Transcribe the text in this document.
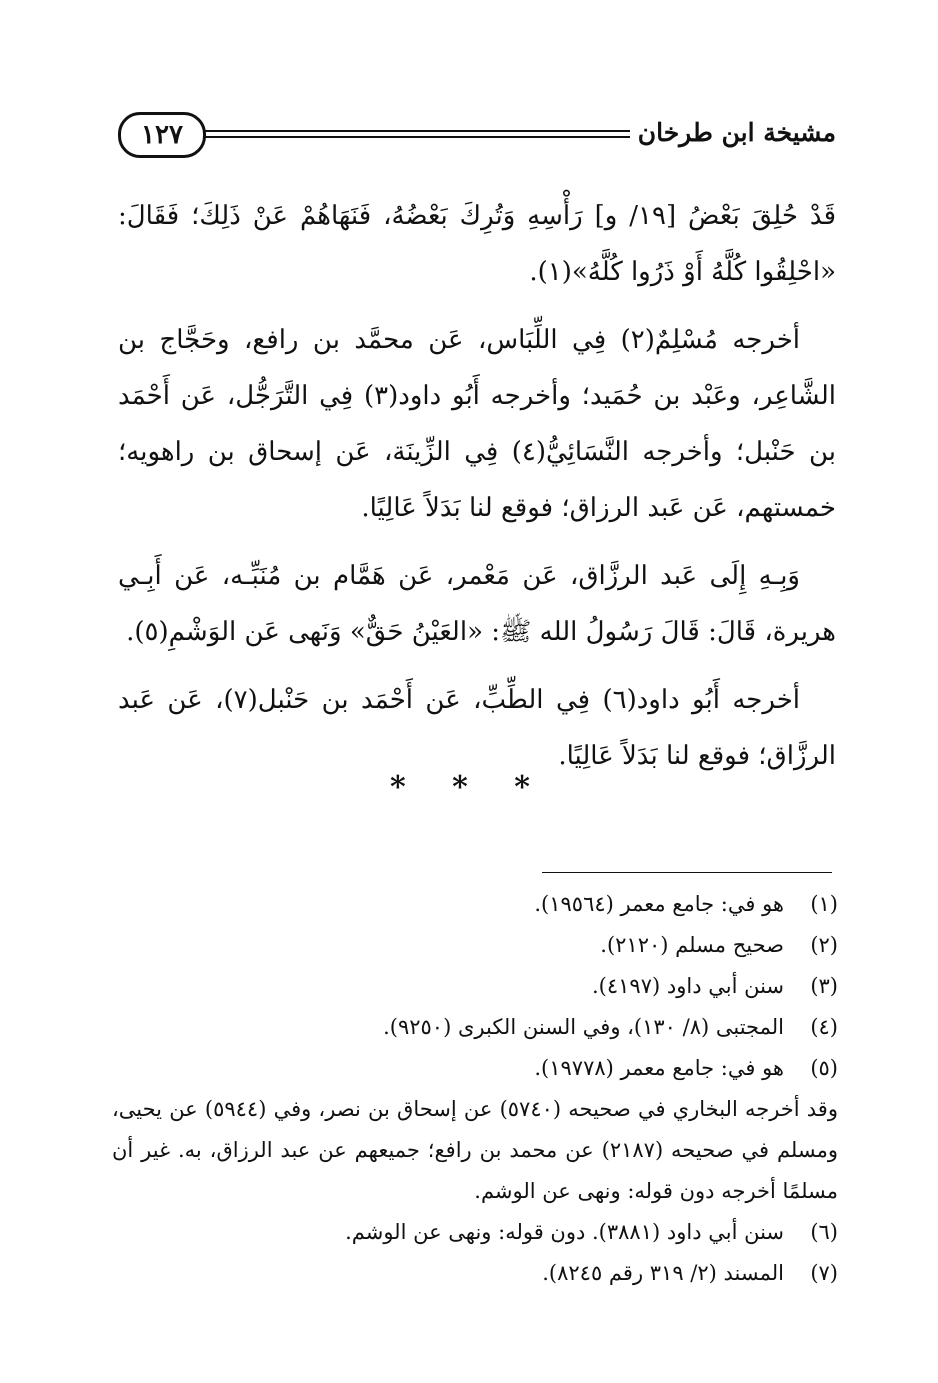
مشيخة ابن طرخان
١٢٧

قَدْ حُلِقَ بَعْضُ [١٩/ و] رَأْسِهِ وَتُرِكَ بَعْضُهُ، فَنَهَاهُمْ عَنْ ذَلِكَ؛ فَقَالَ: «احْلِقُوا كُلَّهُ أَوْ ذَرُوا كُلَّهُ»(١).

أخرجه مُسْلِمٌ(٢) فِي اللِّبَاس، عَن محمَّد بن رافع، وحَجَّاج بن الشَّاعِر، وعَبْد بن حُمَيد؛ وأخرجه أَبُو داود(٣) فِي التَّرَجُّل، عَن أَحْمَد بن حَنْبل؛ وأخرجه النَّسَائِيُّ(٤) فِي الزِّينَة، عَن إسحاق بن راهويه؛ خمستهم، عَن عَبد الرزاق؛ فوقع لنا بَدَلاً عَالِيًا.

وَبِـهِ إِلَى عَبد الرزَّاق، عَن مَعْمر، عَن هَمَّام بن مُنَبِّـه، عَن أَبِـي هريرة، قَالَ: قَالَ رَسُولُ الله ﷺ: «العَيْنُ حَقٌّ» وَنَهى عَن الوَشْمِ(٥).

أخرجه أَبُو داود(٦) فِي الطِّبِّ، عَن أَحْمَد بن حَنْبل(٧)، عَن عَبد الرزَّاق؛ فوقع لنا بَدَلاً عَالِيًا.

* * *
(١)
هو في: جامع معمر (١٩٥٦٤).
(٢)
صحيح مسلم (٢١٢٠).
(٣)
سنن أبي داود (٤١٩٧).
(٤)
المجتبى (٨/ ١٣٠)، وفي السنن الكبرى (٩٢٥٠).
(٥)
هو في: جامع معمر (١٩٧٧٨).

وقد أخرجه البخاري في صحيحه (٥٧٤٠) عن إسحاق بن نصر، وفي (٥٩٤٤) عن يحيى، ومسلم في صحيحه (٢١٨٧) عن محمد بن رافع؛ جميعهم عن عبد الرزاق، به. غير أن مسلمًا أخرجه دون قوله: ونهى عن الوشم.

(٦)
سنن أبي داود (٣٨٨١). دون قوله: ونهى عن الوشم.
(٧)
المسند (٢/ ٣١٩ رقم ٨٢٤٥).
